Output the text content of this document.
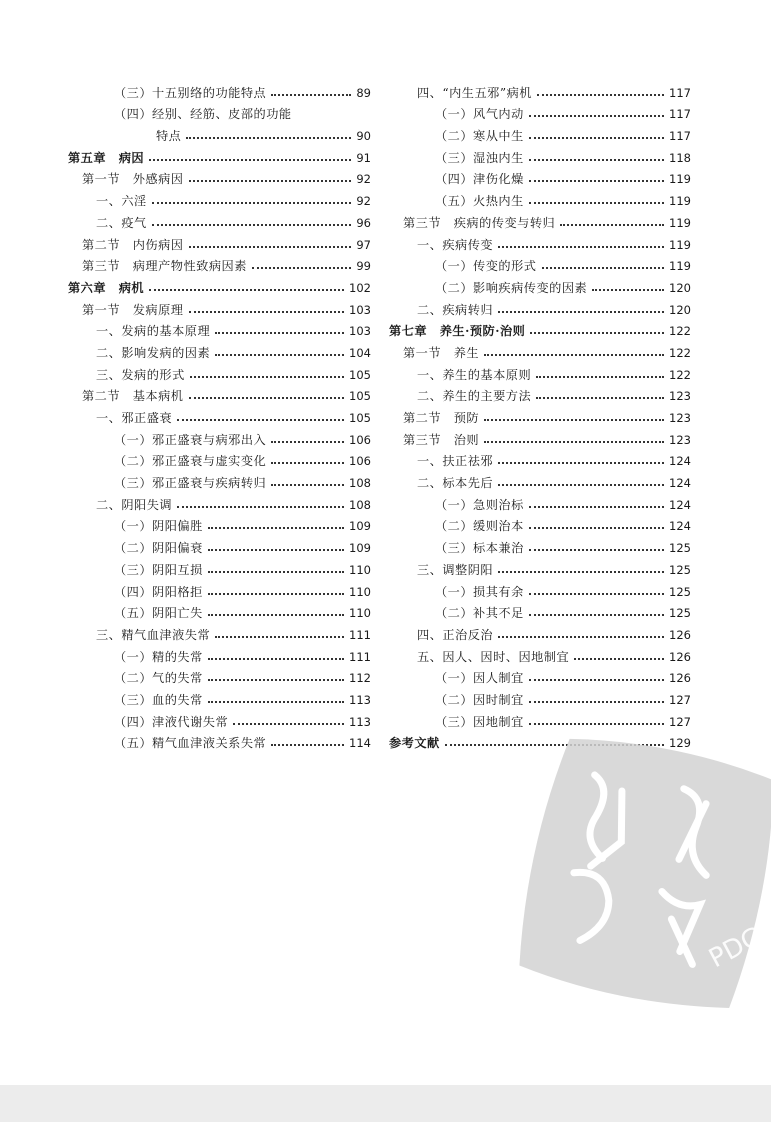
（三）十五别络的功能特点	89
（四）经别、经筋、皮部的功能
特点	90
第五章　病因	91
第一节　外感病因	92
一、六淫	92
二、疫气	96
第二节　内伤病因	97
第三节　病理产物性致病因素	99
第六章　病机	102
第一节　发病原理	103
一、发病的基本原理	103
二、影响发病的因素	104
三、发病的形式	105
第二节　基本病机	105
一、邪正盛衰	105
（一）邪正盛衰与病邪出入	106
（二）邪正盛衰与虚实变化	106
（三）邪正盛衰与疾病转归	108
二、阴阳失调	108
（一）阴阳偏胜	109
（二）阴阳偏衰	109
（三）阴阳互损	110
（四）阴阳格拒	110
（五）阴阳亡失	110
三、精气血津液失常	111
（一）精的失常	111
（二）气的失常	112
（三）血的失常	113
（四）津液代谢失常	113
（五）精气血津液关系失常	114
四、“内生五邪”病机	117
（一）风气内动	117
（二）寒从中生	117
（三）湿浊内生	118
（四）津伤化燥	119
（五）火热内生	119
第三节　疾病的传变与转归	119
一、疾病传变	119
（一）传变的形式	119
（二）影响疾病传变的因素	120
二、疾病转归	120
第七章　养生·预防·治则	122
第一节　养生	122
一、养生的基本原则	122
二、养生的主要方法	123
第二节　预防	123
第三节　治则	123
一、扶正祛邪	124
二、标本先后	124
（一）急则治标	124
（二）缓则治本	124
（三）标本兼治	125
三、调整阴阳	125
（一）损其有余	125
（二）补其不足	125
四、正治反治	126
五、因人、因时、因地制宜	126
（一）因人制宜	126
（二）因时制宜	127
（三）因地制宜	127
参考文献	129
PDG
